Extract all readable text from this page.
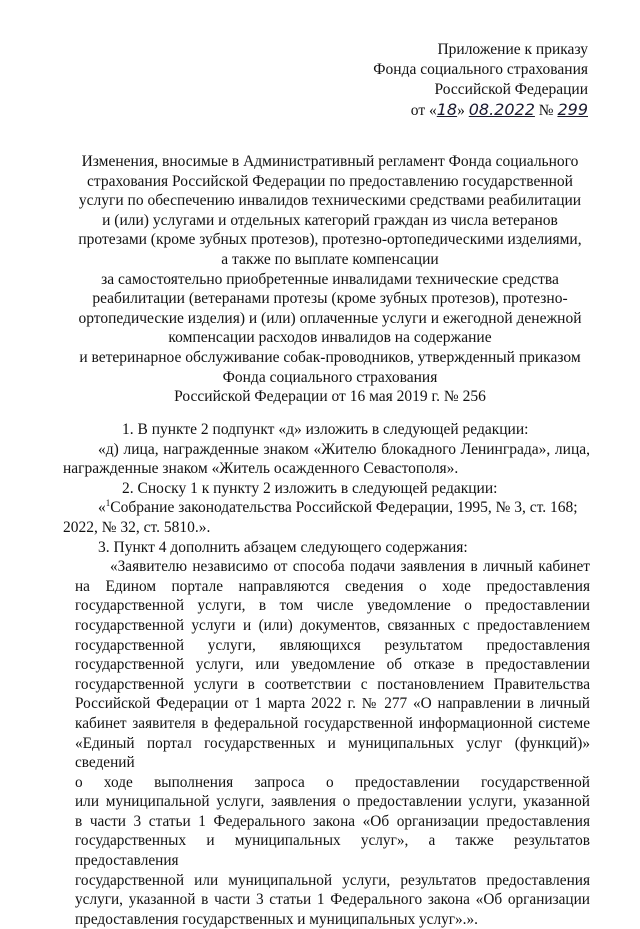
Приложение к приказу
Фонда социального страхования
Российской Федерации
от «18» 08.2022 № 299
Изменения, вносимые в Административный регламент Фонда социального
страхования Российской Федерации по предоставлению государственной
услуги по обеспечению инвалидов техническими средствами реабилитации
и (или) услугами и отдельных категорий граждан из числа ветеранов
протезами (кроме зубных протезов), протезно-ортопедическими изделиями,
а также по выплате компенсации
за самостоятельно приобретенные инвалидами технические средства
реабилитации (ветеранами протезы (кроме зубных протезов), протезно-
ортопедические изделия) и (или) оплаченные услуги и ежегодной денежной
компенсации расходов инвалидов на содержание
и ветеринарное обслуживание собак-проводников, утвержденный приказом
Фонда социального страхования
Российской Федерации от 16 мая 2019 г. № 256
1. В пункте 2 подпункт «д» изложить в следующей редакции:
«д) лица, награжденные знаком «Жителю блокадного Ленинграда», лица,
награжденные знаком «Житель осажденного Севастополя».
2. Сноску 1 к пункту 2 изложить в следующей редакции:
«$^1$Собрание законодательства Российской Федерации, 1995, № 3, ст. 168;
2022, № 32, ст. 5810.».
3. Пункт 4 дополнить абзацем следующего содержания:
«Заявителю независимо от способа подачи заявления в личный кабинет
на Едином портале направляются сведения о ходе предоставления
государственной услуги, в том числе уведомление о предоставлении
государственной услуги и (или) документов, связанных с предоставлением
государственной услуги, являющихся результатом предоставления
государственной услуги, или уведомление об отказе в предоставлении
государственной услуги в соответствии с постановлением Правительства
Российской Федерации от 1 марта 2022 г. № 277 «О направлении в личный
кабинет заявителя в федеральной государственной информационной системе
«Единый портал государственных и муниципальных услуг (функций)» сведений
о ходе выполнения запроса о предоставлении государственной
или муниципальной услуги, заявления о предоставлении услуги, указанной
в части 3 статьи 1 Федерального закона «Об организации предоставления
государственных и муниципальных услуг», а также результатов предоставления
государственной или муниципальной услуги, результатов предоставления
услуги, указанной в части 3 статьи 1 Федерального закона «Об организации
предоставления государственных и муниципальных услуг».».
